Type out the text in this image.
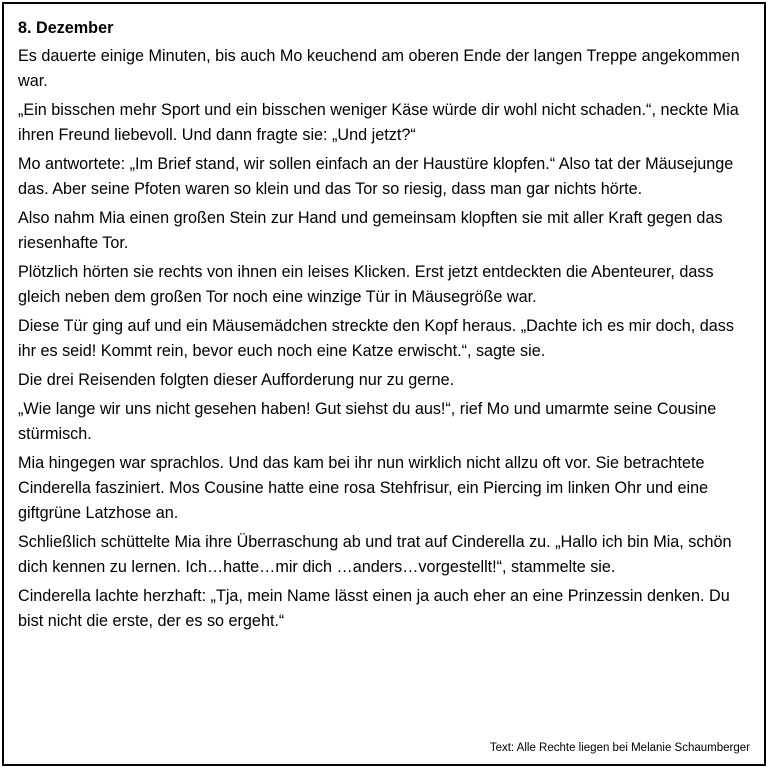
8. Dezember

Es dauerte einige Minuten, bis auch Mo keuchend am oberen Ende der langen Treppe angekommen war.

„Ein bisschen mehr Sport und ein bisschen weniger Käse würde dir wohl nicht schaden.“, neckte Mia ihren Freund liebevoll. Und dann fragte sie: „Und jetzt?“

Mo antwortete: „Im Brief stand, wir sollen einfach an der Haustüre klopfen.“ Also tat der Mäusejunge das. Aber seine Pfoten waren so klein und das Tor so riesig, dass man gar nichts hörte.

Also nahm Mia einen großen Stein zur Hand und gemeinsam klopften sie mit aller Kraft gegen das riesenhafte Tor.

Plötzlich hörten sie rechts von ihnen ein leises Klicken. Erst jetzt entdeckten die Abenteurer, dass gleich neben dem großen Tor noch eine winzige Tür in Mäusegröße war.

Diese Tür ging auf und ein Mäusemädchen streckte den Kopf heraus. „Dachte ich es mir doch, dass ihr es seid! Kommt rein, bevor euch noch eine Katze erwischt.“, sagte sie.

Die drei Reisenden folgten dieser Aufforderung nur zu gerne.

„Wie lange wir uns nicht gesehen haben! Gut siehst du aus!“, rief Mo und umarmte seine Cousine stürmisch.

Mia hingegen war sprachlos. Und das kam bei ihr nun wirklich nicht allzu oft vor. Sie betrachtete Cinderella fasziniert. Mos Cousine hatte eine rosa Stehfrisur, ein Piercing im linken Ohr und eine giftgrüne Latzhose an.

Schließlich schüttelte Mia ihre Überraschung ab und trat auf Cinderella zu. „Hallo ich bin Mia, schön dich kennen zu lernen. Ich…hatte…mir dich …anders…vorgestellt!“, stammelte sie.

Cinderella lachte herzhaft: „Tja, mein Name lässt einen ja auch eher an eine Prinzessin denken. Du bist nicht die erste, der es so ergeht.“

Text: Alle Rechte liegen bei Melanie Schaumberger
